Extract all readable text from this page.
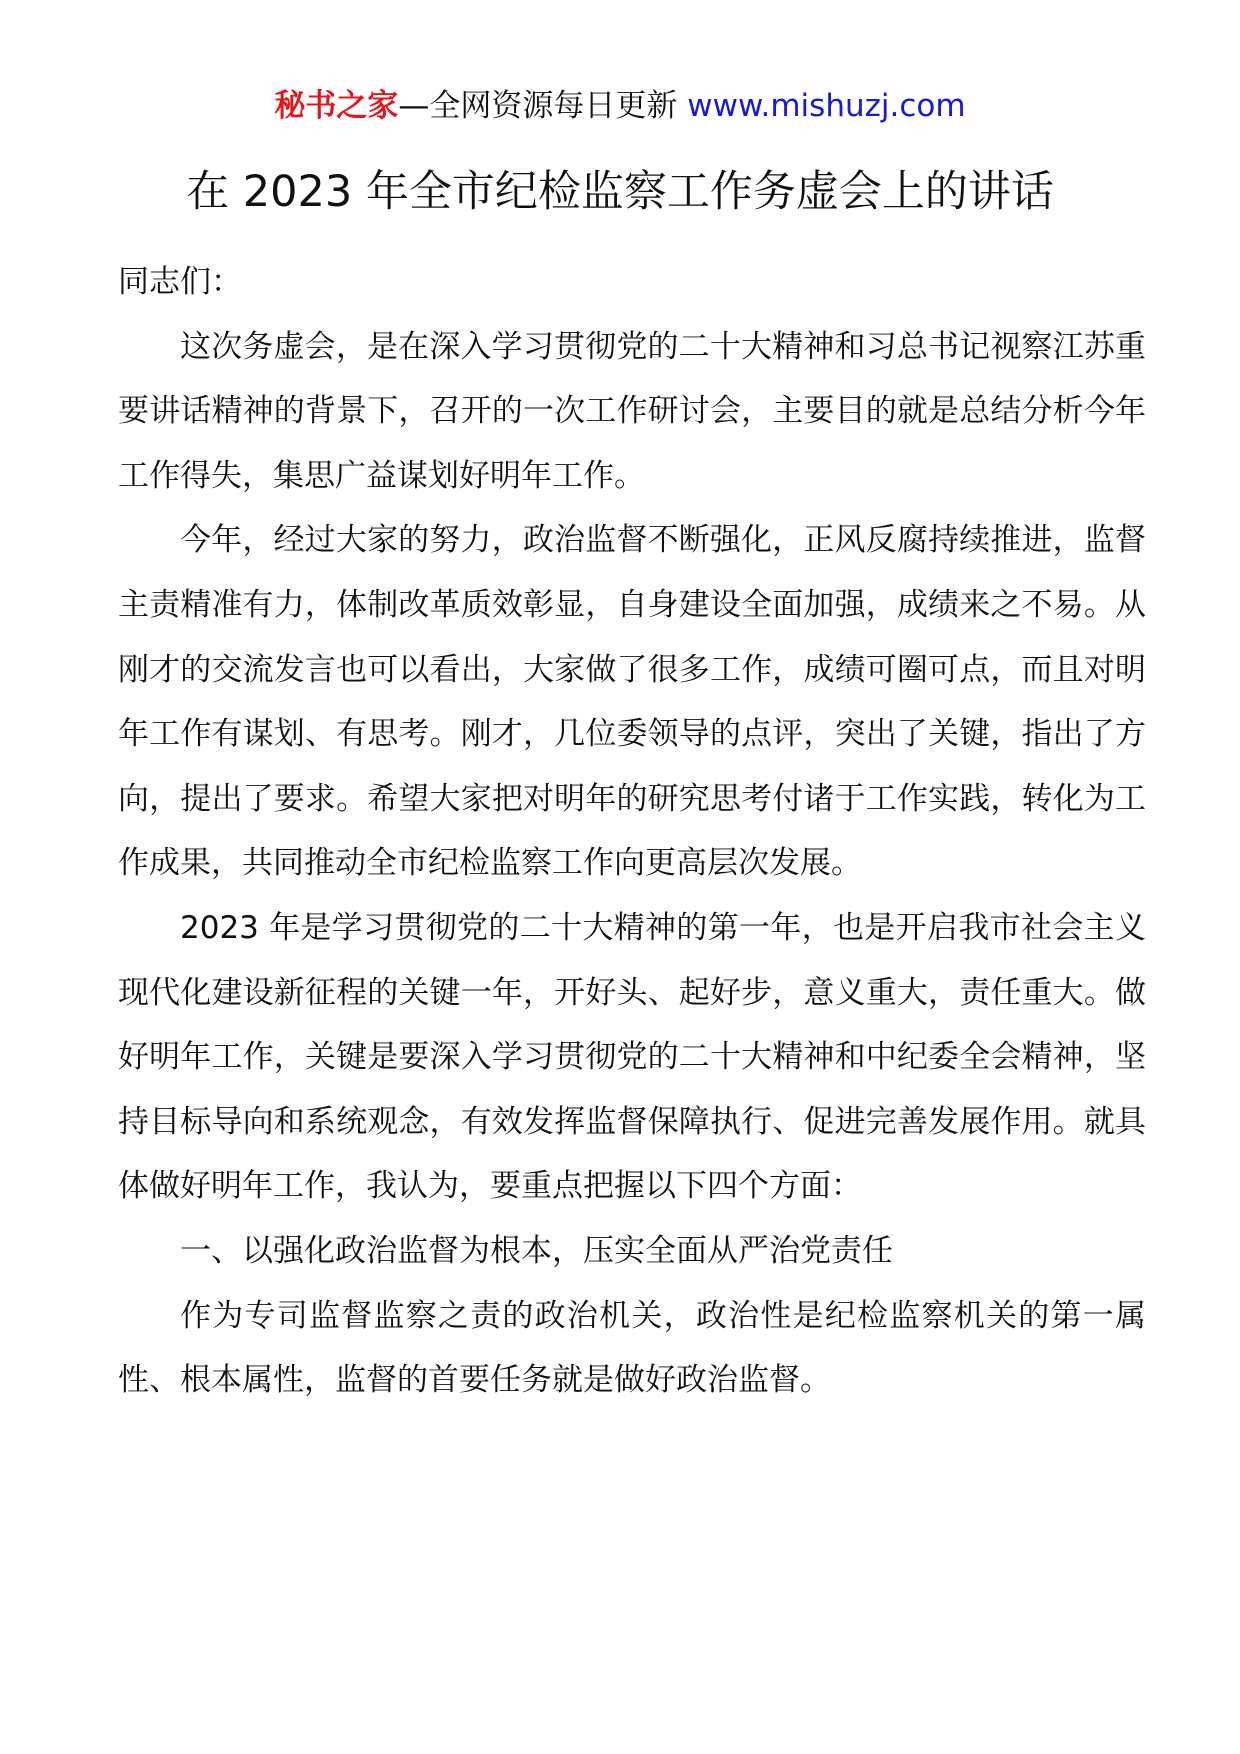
秘书之家—全网资源每日更新 www.mishuzj.com
在 2023 年全市纪检监察工作务虚会上的讲话

同志们：

这次务虚会，是在深入学习贯彻党的二十大精神和习总书记视察江苏重要讲话精神的背景下，召开的一次工作研讨会，主要目的就是总结分析今年工作得失，集思广益谋划好明年工作。

今年，经过大家的努力，政治监督不断强化，正风反腐持续推进，监督主责精准有力，体制改革质效彰显，自身建设全面加强，成绩来之不易。从刚才的交流发言也可以看出，大家做了很多工作，成绩可圈可点，而且对明年工作有谋划、有思考。刚才，几位委领导的点评，突出了关键，指出了方向，提出了要求。希望大家把对明年的研究思考付诸于工作实践，转化为工作成果，共同推动全市纪检监察工作向更高层次发展。

2023 年是学习贯彻党的二十大精神的第一年，也是开启我市社会主义现代化建设新征程的关键一年，开好头、起好步，意义重大，责任重大。做好明年工作，关键是要深入学习贯彻党的二十大精神和中纪委全会精神，坚持目标导向和系统观念，有效发挥监督保障执行、促进完善发展作用。就具体做好明年工作，我认为，要重点把握以下四个方面：

一、以强化政治监督为根本，压实全面从严治党责任

作为专司监督监察之责的政治机关，政治性是纪检监察机关的第一属性、根本属性，监督的首要任务就是做好政治监督。
